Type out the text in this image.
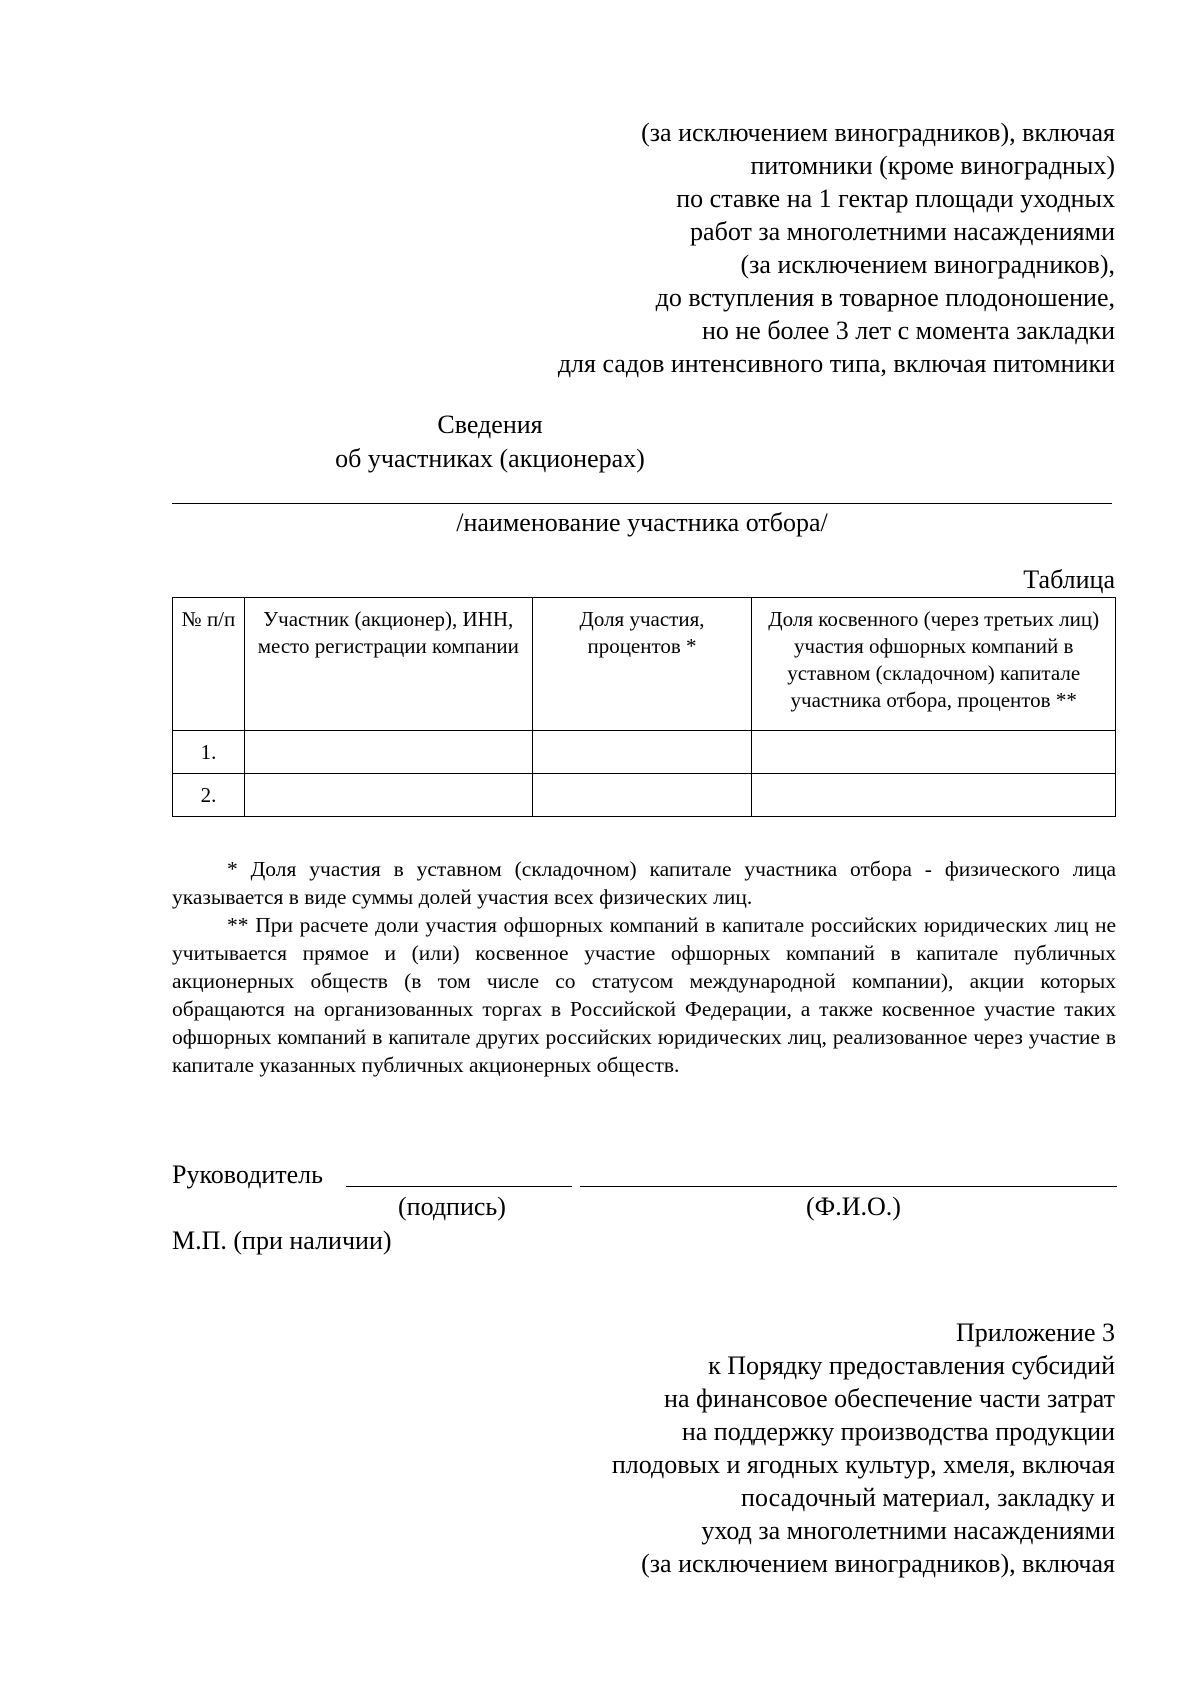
(за исключением виноградников), включая
питомники (кроме виноградных)
по ставке на 1 гектар площади уходных
работ за многолетними насаждениями
(за исключением виноградников),
до вступления в товарное плодоношение,
но не более 3 лет с момента закладки
для садов интенсивного типа, включая питомники
Сведения
об участниках (акционерах)
/наименование участника отбора/
Таблица
№ п/п	Участник (акционер), ИНН, место регистрации компании	Доля участия, процентов *	Доля косвенного (через третьих лиц) участия офшорных компаний в уставном (складочном) капитале участника отбора, процентов **
1.			
2.			

* Доля участия в уставном (складочном) капитале участника отбора - физического лица указывается в виде суммы долей участия всех физических лиц.

** При расчете доли участия офшорных компаний в капитале российских юридических лиц не учитывается прямое и (или) косвенное участие офшорных компаний в капитале публичных акционерных обществ (в том числе со статусом международной компании), акции которых обращаются на организованных торгах в Российской Федерации, а также косвенное участие таких офшорных компаний в капитале других российских юридических лиц, реализованное через участие в капитале указанных публичных акционерных обществ.

Руководитель
(подпись)	(Ф.И.О.)
М.П. (при наличии)
Приложение 3
к Порядку предоставления субсидий
на финансовое обеспечение части затрат
на поддержку производства продукции
плодовых и ягодных культур, хмеля, включая
посадочный материал, закладку и
уход за многолетними насаждениями
(за исключением виноградников), включая
